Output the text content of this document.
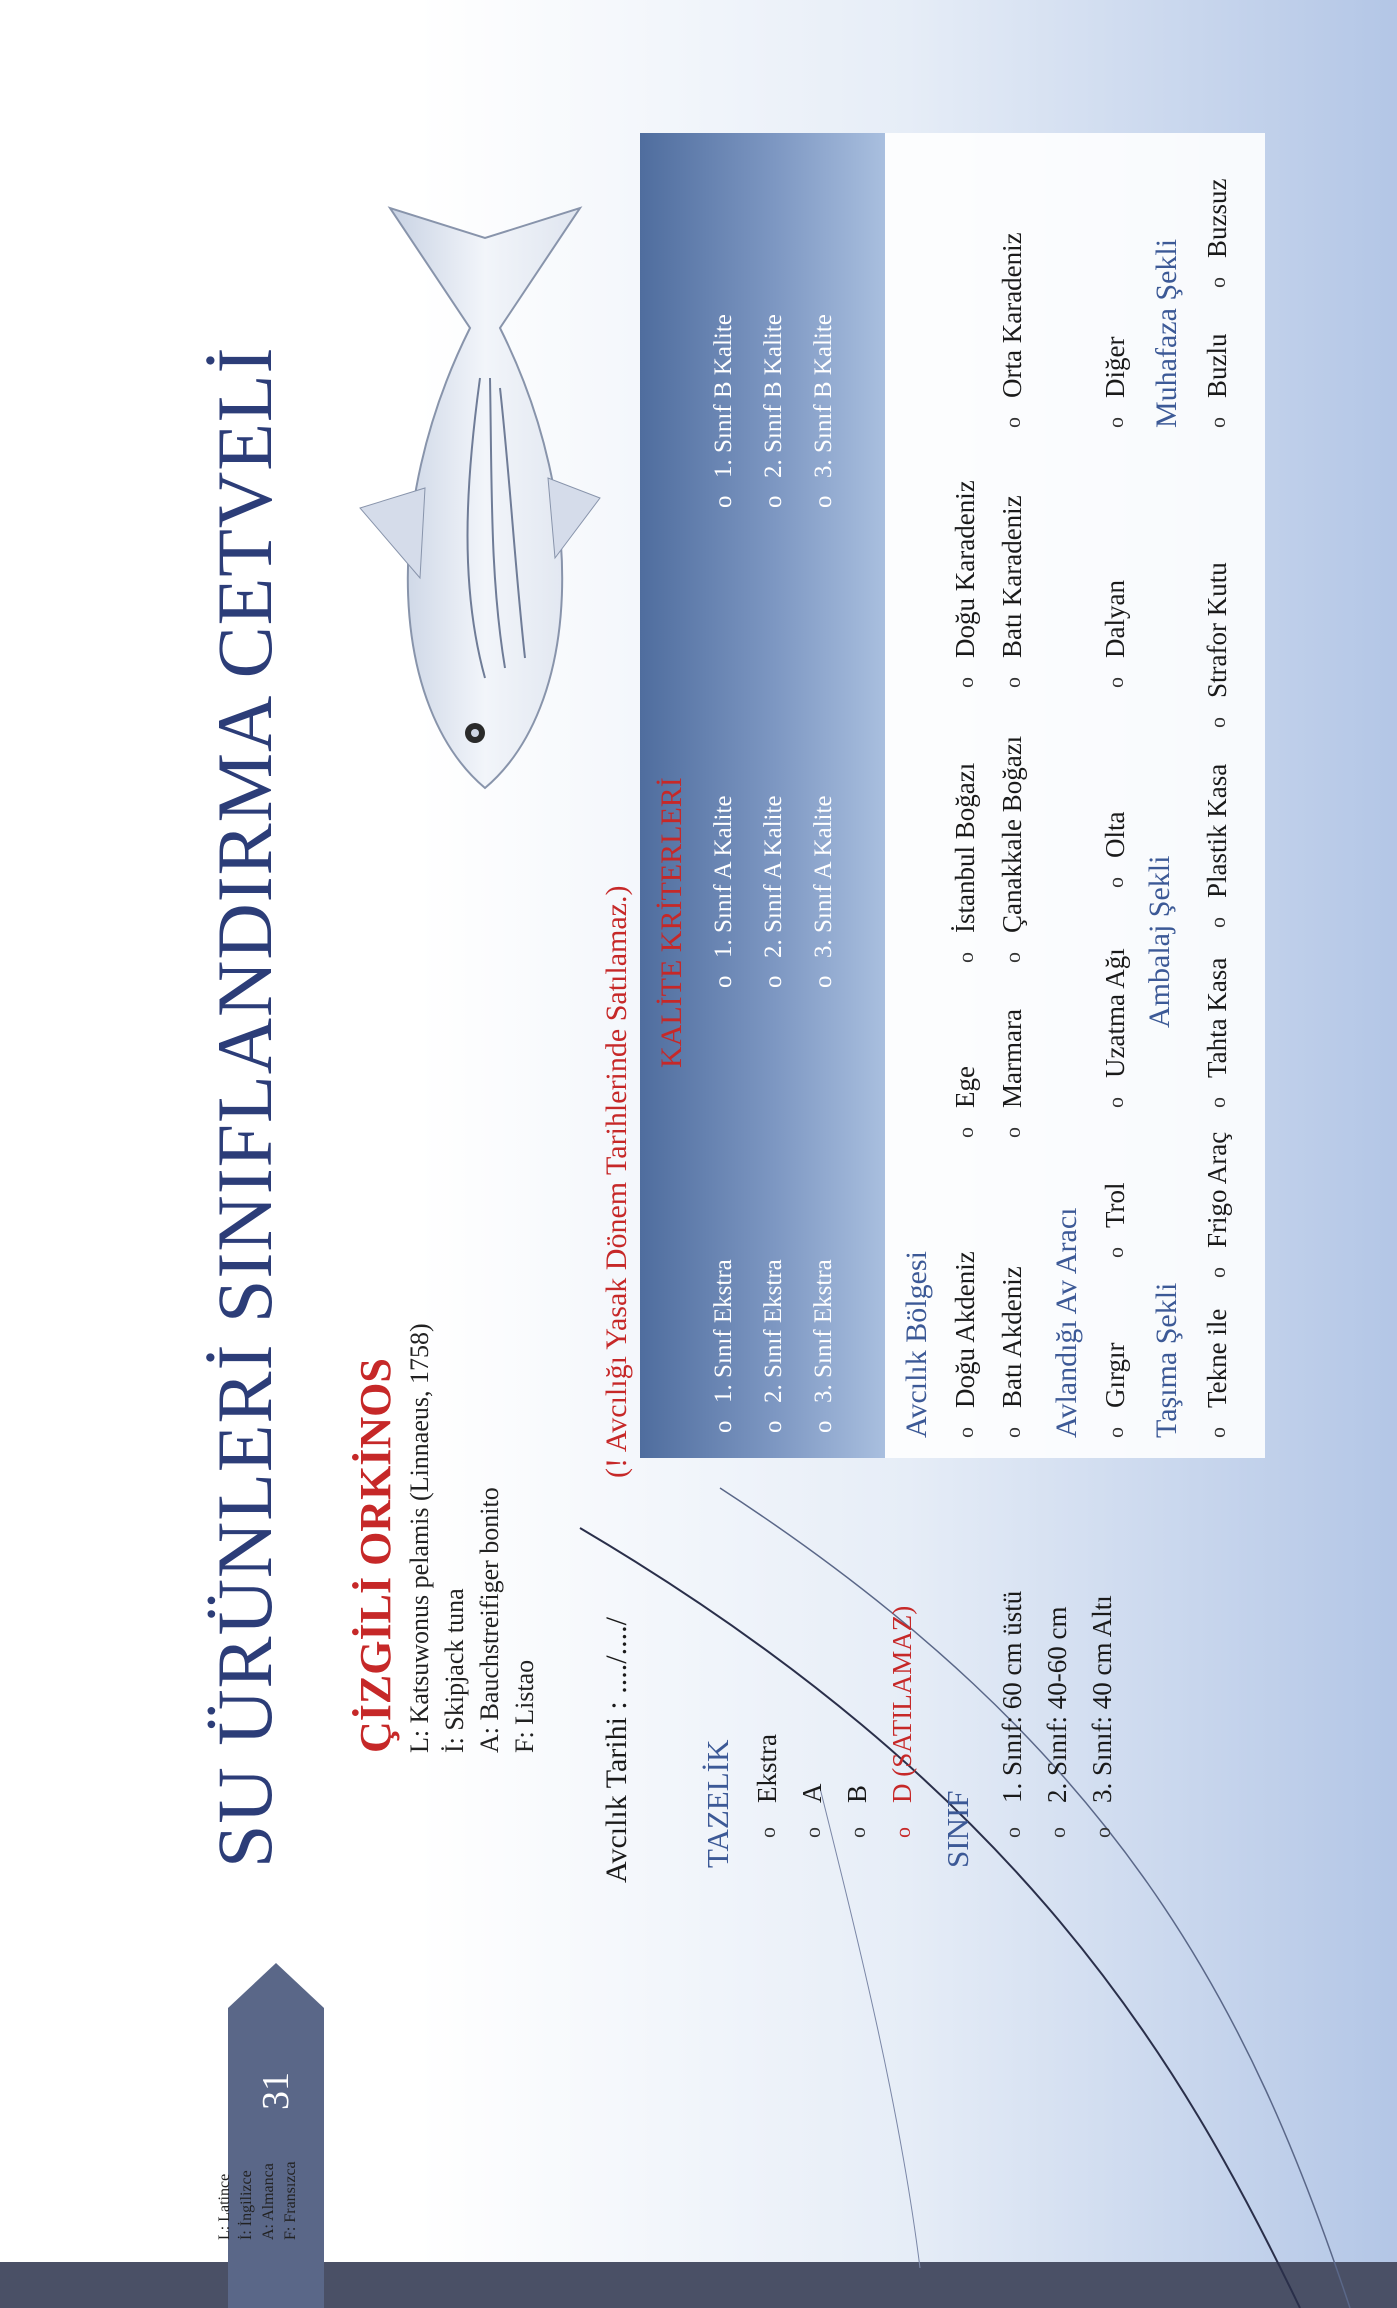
31
SU ÜRÜNLERİ SINIFLANDIRMA CETVELİ ÇİZGİLİ ORKİNOS L: Katsuwonus pelamis (Linnaeus, 1758) İ: Skipjack tuna A: Bauchstreifiger bonito F: Listao Avcılık Tarihi : ..../..../
(! Avcılığı Yasak Dönem Tarihlerinde Satılamaz.)
TAZELİK o
Ekstra
o
A
o
B
o
D (SATILAMAZ)
SINIF o
1. Sınıf: 60 cm üstü
o
2. Sınıf: 40-60 cm
o
3. Sınıf: 40 cm Altı
KALİTE KRİTERLERİ
o
1. Sınıf Ekstra
o
2. Sınıf Ekstra
o
3. Sınıf Ekstra
o
1. Sınıf A Kalite
o
2. Sınıf A Kalite
o
3. Sınıf A Kalite
o
1. Sınıf B Kalite
o
2. Sınıf B Kalite
o
3. Sınıf B Kalite
Avcılık Bölgesi o
Doğu Akdeniz
o
Ege
o
İstanbul Boğazı
o
Doğu Karadeniz
o
Batı Akdeniz
o
Marmara
o
Çanakkale Boğazı
o
Batı Karadeniz
o
Orta Karadeniz
Avlandığı Av Aracı o
Gırgır
o
Trol
o
Uzatma Ağı
o
Olta
o
Dalyan
o
Diğer
Taşıma Şekli
Ambalaj Şekli
Muhafaza Şekli
o
Tekne ile
o
Frigo Araç
o
Tahta Kasa
o
Plastik Kasa
o
Strafor Kutu
o
Buzlu
o
Buzsuz
L: Latince İ: İngilizce A: Almanca F: Fransızca
